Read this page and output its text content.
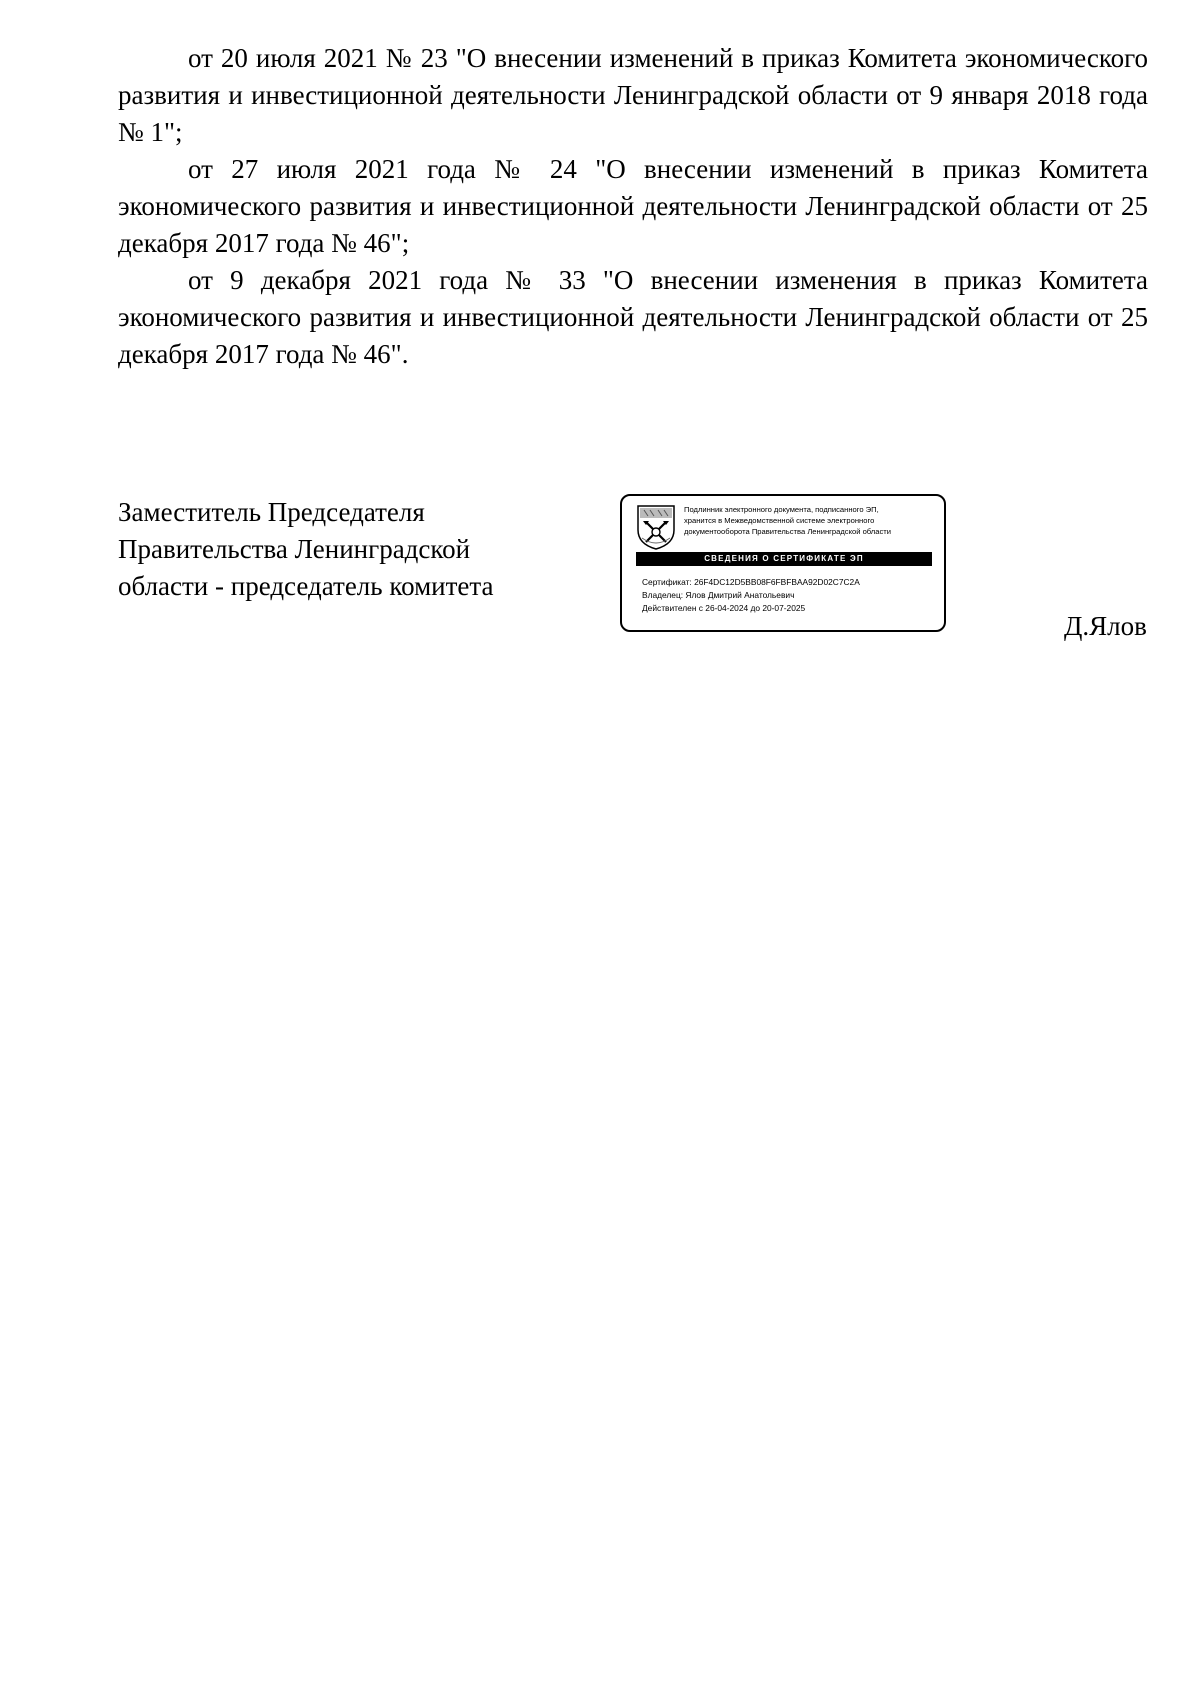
от 20 июля 2021 № 23 "О внесении изменений в приказ Комитета экономического развития и инвестиционной деятельности Ленинградской области от 9 января 2018 года № 1";

от 27 июля 2021 года № 24 "О внесении изменений в приказ Комитета экономического развития и инвестиционной деятельности Ленинградской области от 25 декабря 2017 года № 46";

от 9 декабря 2021 года № 33 "О внесении изменения в приказ Комитета экономического развития и инвестиционной деятельности Ленинградской области от 25 декабря 2017 года № 46".

Заместитель Председателя
Правительства Ленинградской
области - председатель комитета
Подлинник электронного документа, подписанного ЭП,
хранится в Межведомственной системе электронного
документооборота Правительства Ленинградской области
СВЕДЕНИЯ О СЕРТИФИКАТЕ ЭП
Сертификат: 26F4DC12D5BB08F6FBFBAA92D02C7C2A
Владелец: Ялов Дмитрий Анатольевич
Действителен с 26-04-2024 до 20-07-2025
Д.Ялов
